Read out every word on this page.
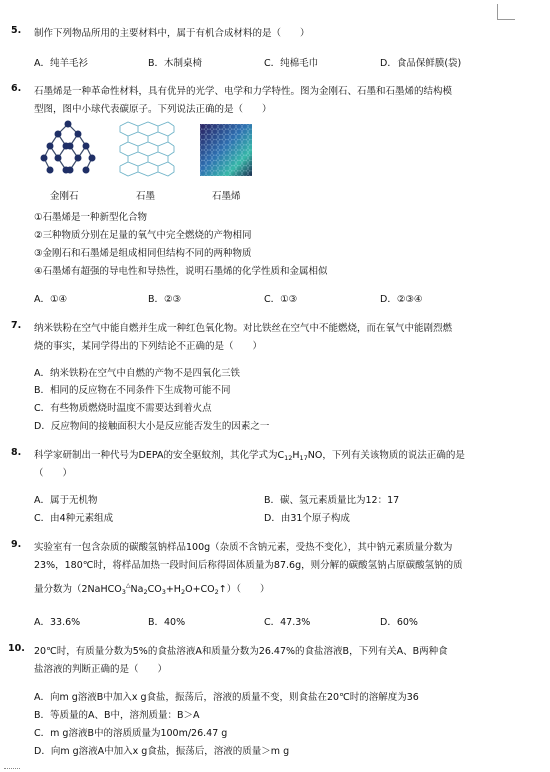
5. 制作下列物品所用的主要材料中，属于有机合成材料的是（　　）
A．纯羊毛衫	B．木制桌椅	C．纯棉毛巾	D．食品保鲜膜(袋)
6. 石墨烯是一种革命性材料，具有优异的光学、电学和力学特性。图为金刚石、石墨和石墨烯的结构模
型图，图中小球代表碳原子。下列说法正确的是（　　）
金刚石	石墨	石墨烯
①石墨烯是一种新型化合物
②三种物质分别在足量的氧气中完全燃烧的产物相同
③金刚石和石墨烯是组成相同但结构不同的两种物质
④石墨烯有超强的导电性和导热性，说明石墨烯的化学性质和金属相似
A．①④	B．②③	C．①③	D．②③④
7. 纳米铁粉在空气中能自燃并生成一种红色氧化物。对比铁丝在空气中不能燃烧，而在氧气中能剧烈燃
烧的事实，某同学得出的下列结论不正确的是（　　）
A．纳米铁粉在空气中自燃的产物不是四氧化三铁
B．相同的反应物在不同条件下生成物可能不同
C．有些物质燃烧时温度不需要达到着火点
D．反应物间的接触面积大小是反应能否发生的因素之一
8. 科学家研制出一种代号为DEPA的安全驱蚊剂，其化学式为$C_{12}H_{17}NO$，下列有关该物质的说法正确的是
（　　）
A．属于无机物	B．碳、氢元素质量比为12：17
C．由4种元素组成	D．由31个原子构成
9. 实验室有一包含杂质的碳酸氢钠样品100g（杂质不含钠元素，受热不变化），其中钠元素质量分数为
23%，180℃时，将样品加热一段时间后称得固体质量为87.6g，则分解的碳酸氢钠占原碳酸氢钠的质
量分数为$(2NaHCO_3^\triangle Na_2CO_3+H_2O+CO_2↑)$（　　）
A．33.6%	B．40%	C．47.3%	D．60%
10. 20℃时，有质量分数为5%的食盐溶液A和质量分数为26.47%的食盐溶液B，下列有关A、B两种食
盐溶液的判断正确的是（　　）
A．向m g溶液B中加入x g食盐，振荡后，溶液的质量不变，则食盐在20℃时的溶解度为36
B．等质量的A、B中，溶剂质量：B＞A
C．m g溶液B中的溶质质量为100m/26.47 g
D．向m g溶液A中加入x g食盐，振荡后，溶液的质量＞m g
